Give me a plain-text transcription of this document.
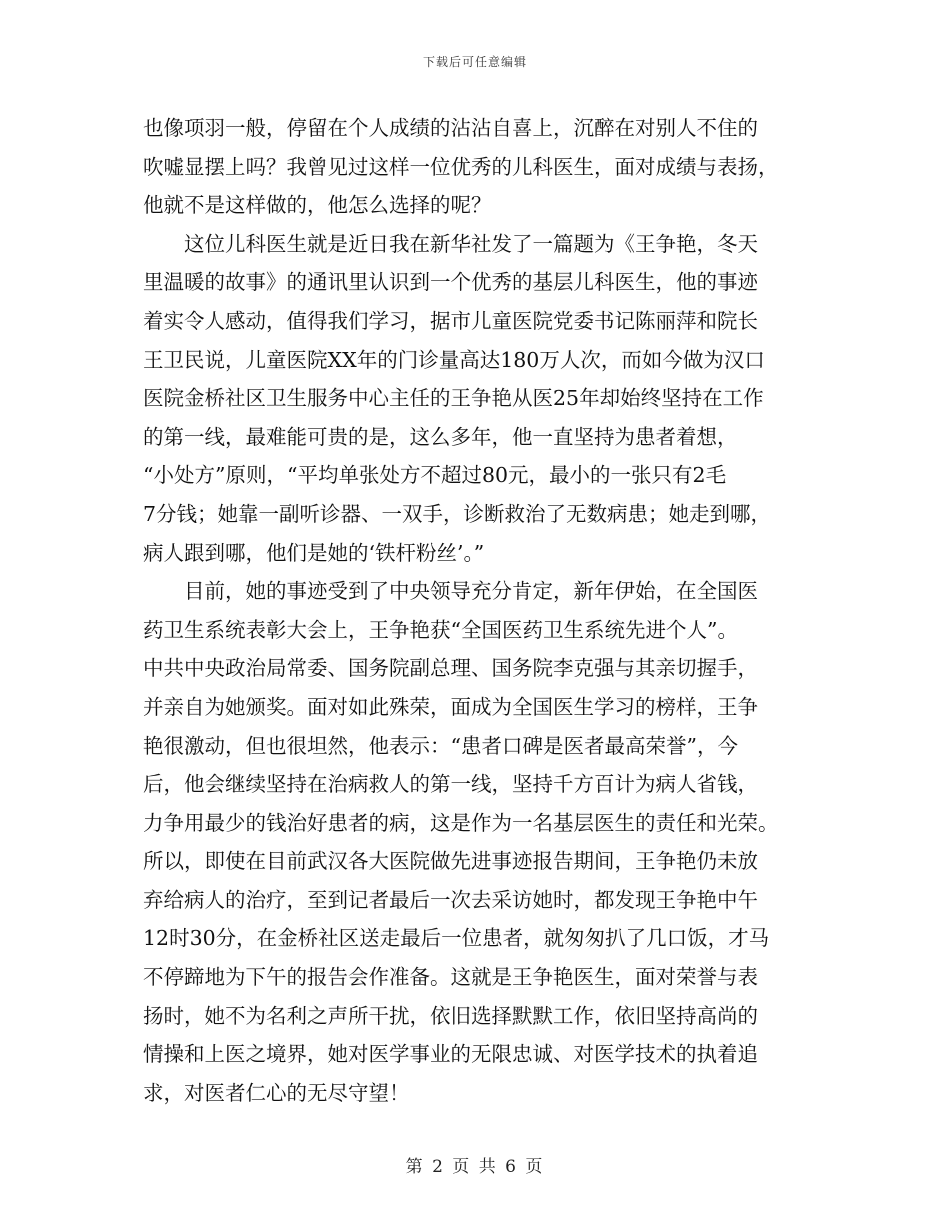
下载后可任意编辑
也像项羽一般，停留在个人成绩的沾沾自喜上，沉醉在对别人不住的
吹嘘显摆上吗？我曾见过这样一位优秀的儿科医生，面对成绩与表扬，
他就不是这样做的，他怎么选择的呢？
　　这位儿科医生就是近日我在新华社发了一篇题为《王争艳，冬天
里温暖的故事》的通讯里认识到一个优秀的基层儿科医生，他的事迹
着实令人感动，值得我们学习，据市儿童医院党委书记陈丽萍和院长
王卫民说，儿童医院XX年的门诊量高达180万人次，而如今做为汉口
医院金桥社区卫生服务中心主任的王争艳从医25年却始终坚持在工作
的第一线，最难能可贵的是，这么多年，他一直坚持为患者着想，
“小处方”原则，“平均单张处方不超过80元，最小的一张只有2毛
7分钱；她靠一副听诊器、一双手，诊断救治了无数病患；她走到哪，
病人跟到哪，他们是她的‘铁杆粉丝’。”
　　目前，她的事迹受到了中央领导充分肯定，新年伊始，在全国医
药卫生系统表彰大会上，王争艳获“全国医药卫生系统先进个人”。
中共中央政治局常委、国务院副总理、国务院李克强与其亲切握手，
并亲自为她颁奖。面对如此殊荣，面成为全国医生学习的榜样，王争
艳很激动，但也很坦然，他表示：“患者口碑是医者最高荣誉”，今
后，他会继续坚持在治病救人的第一线，坚持千方百计为病人省钱，
力争用最少的钱治好患者的病，这是作为一名基层医生的责任和光荣。
所以，即使在目前武汉各大医院做先进事迹报告期间，王争艳仍未放
弃给病人的治疗，至到记者最后一次去采访她时，都发现王争艳中午
12时30分，在金桥社区送走最后一位患者，就匆匆扒了几口饭，才马
不停蹄地为下午的报告会作准备。这就是王争艳医生，面对荣誉与表
扬时，她不为名利之声所干扰，依旧选择默默工作，依旧坚持高尚的
情操和上医之境界，她对医学事业的无限忠诚、对医学技术的执着追
求，对医者仁心的无尽守望！
第 2 页 共 6 页
